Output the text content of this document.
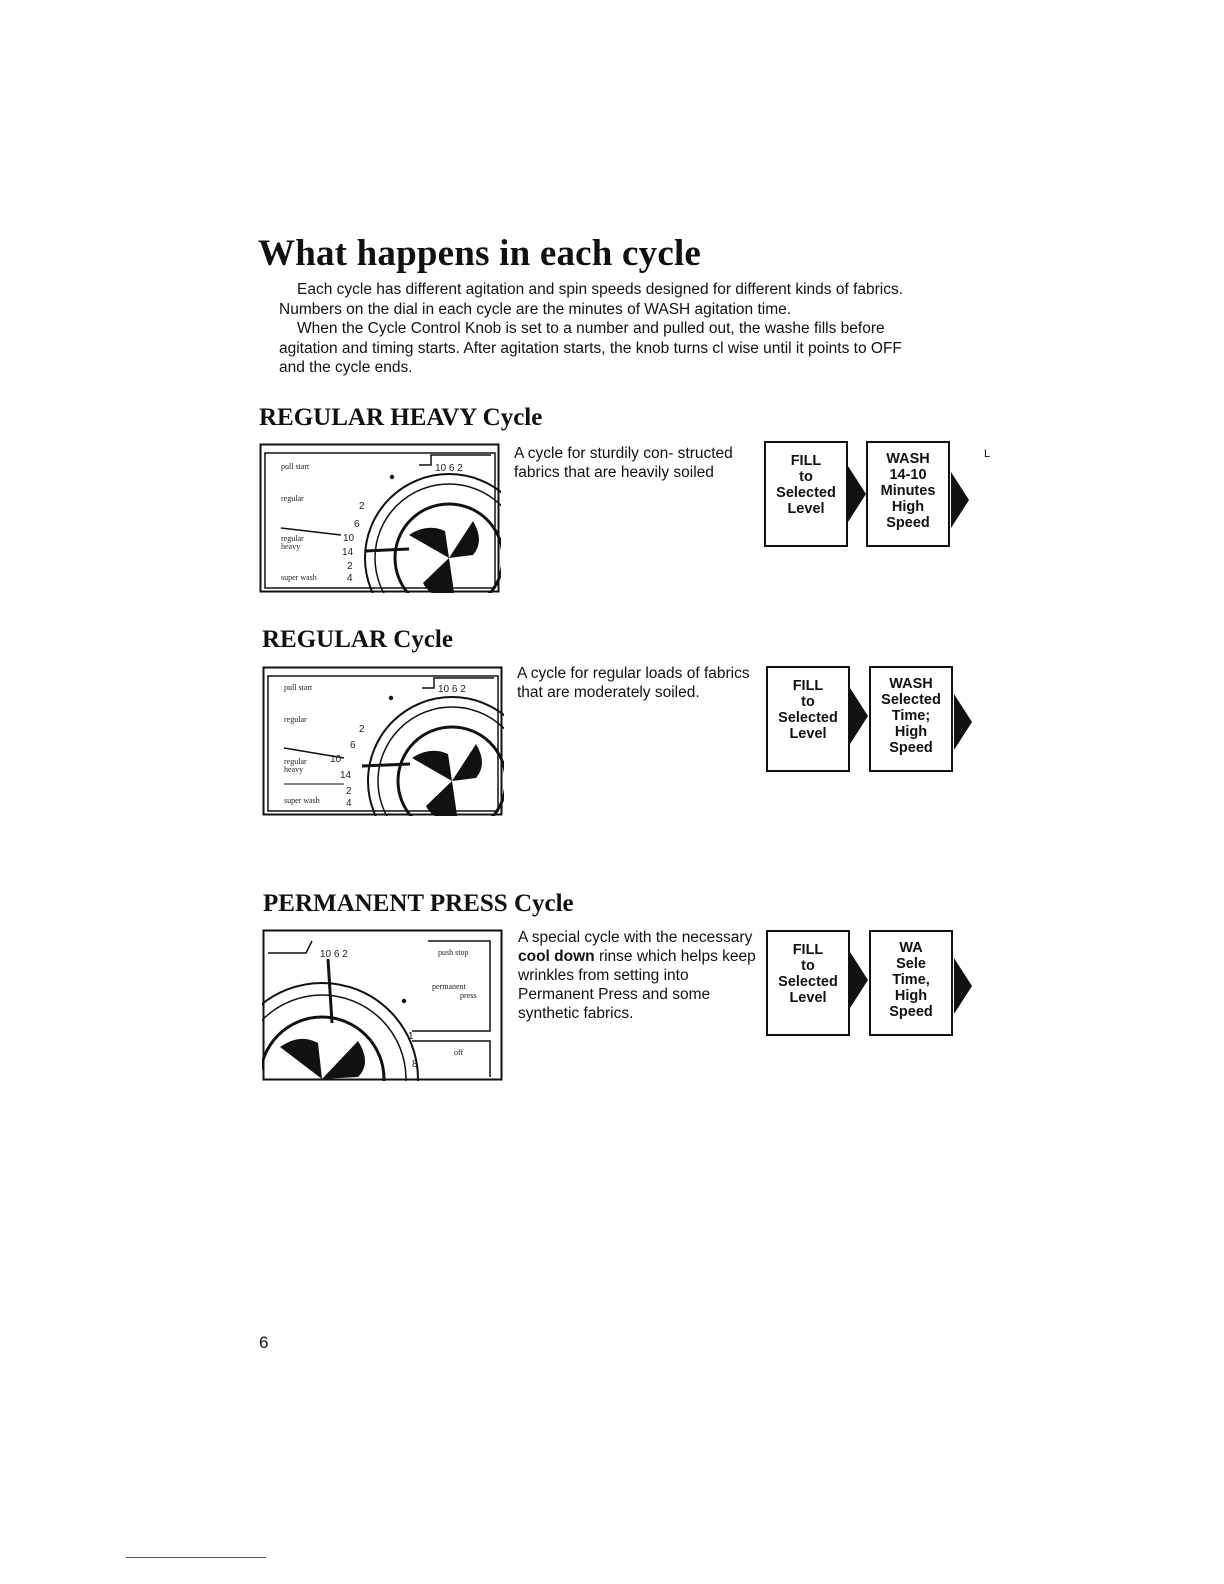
What happens in each cycle

Each cycle has different agitation and spin speeds designed for different kinds of fabrics. Numbers on the dial in each cycle are the minutes of WASH agitation time.

When the Cycle Control Knob is set to a number and pulled out, the washe fills before agitation and timing starts. After agitation starts, the knob turns cl wise until it points to OFF and the cycle ends.

REGULAR HEAVY Cycle
pull start
regular
regular
heavy
super wash
10 6 2
2
6
10
14
2
4
A cycle for sturdily con- structed fabrics that are heavily soiled
FILL
to
Selected
Level
WASH
14-10
Minutes
High
Speed
L
REGULAR Cycle
pull start
regular
regular
heavy
super wash
10 6 2
2
6
10
14
2
4
A cycle for regular loads of fabrics that are moderately soiled.	FILL
to
Selected
Level
WASH
Selected
Time;
High
Speed
PERMANENT PRESS Cycle
push stop
permanent
press
off
10 6 2
1
8
A special cycle with the necessary cool down rinse which helps keep wrinkles from setting into Permanent Press and some synthetic fabrics.
FILL
to
Selected
Level
WA
Sele
Time,
High
Speed
6
